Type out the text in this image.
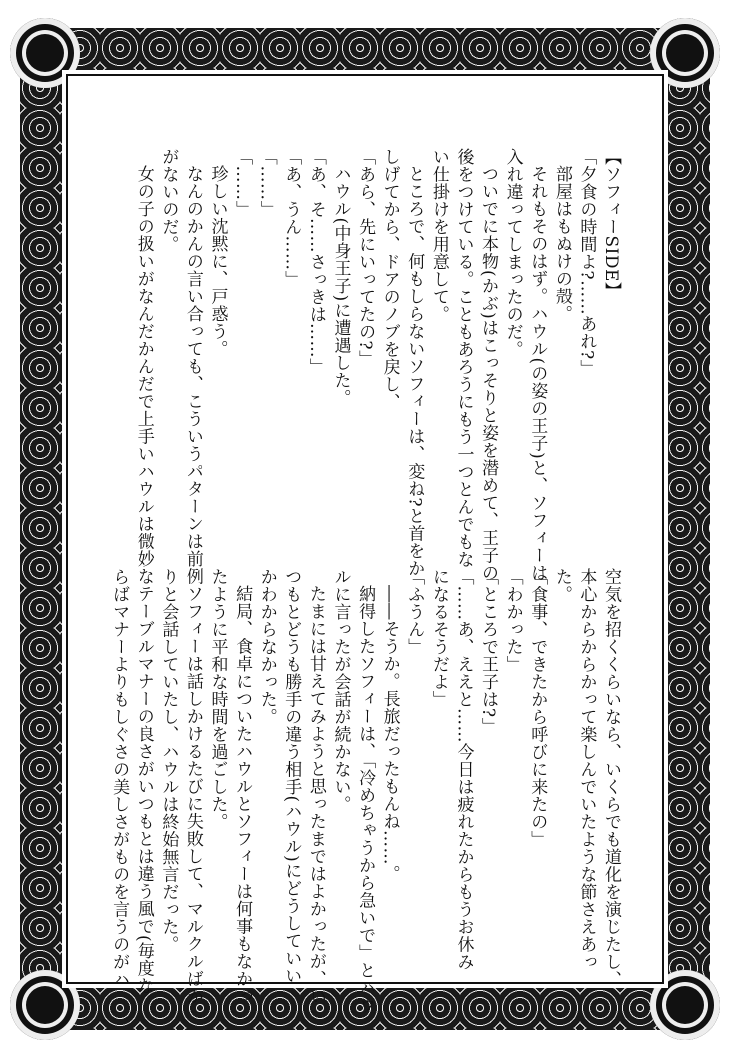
【ソフィーSIDE】
「夕食の時間よ?……あれ?」
部屋はもぬけの殻。
それもそのはず。ハウル(の姿の王子)と、ソフィーは
入れ違ってしまったのだ。
ついでに本物(かぶ)はこっそりと姿を潜めて、王子の
後をつけている。こともあろうにもう一つとんでもな
い仕掛けを用意して。
ところで、何もしらないソフィーは、変ね?と首をか
しげてから、ドアのノブを戻し、
「あら、先にいってたの?」
ハウル(中身王子)に遭遇した。
「あ、そ……さっきは……」
「あ、うん……」
「……」
「……」
珍しい沈黙に、戸惑う。
なんのかんの言い合っても、こういうパターンは前例
がないのだ。
女の子の扱いがなんだかんだで上手いハウルは微妙な
空気を招くくらいなら、いくらでも道化を演じたし、
本心からからかって楽しんでいたような節さえあっ
た。
「食事、できたから呼びに来たの」
「わかった」
「ところで王子は?」
「……あ、ええと……今日は疲れたからもうお休み
になるそうだよ」
「ふうん」
――そうか。長旅だったもんね……。
納得したソフィーは、「冷めちゃうから急いで」とハウ
ルに言ったが会話が続かない。
たまには甘えてみようと思ったまではよかったが、い
つもとどうも勝手の違う相手(ハウル)にどうしていい
かわからなかった。
結局、食卓についたハウルとソフィーは何事もなかっ
たように平和な時間を過ごした。
ソフィーは話しかけるたびに失敗して、マルクルばか
りと会話していたし、ハウルは終始無言だった。
テーブルマナーの良さがいつもとは違う風で(毎度な
らばマナーよりもしぐさの美しさがものを言うのがハ
